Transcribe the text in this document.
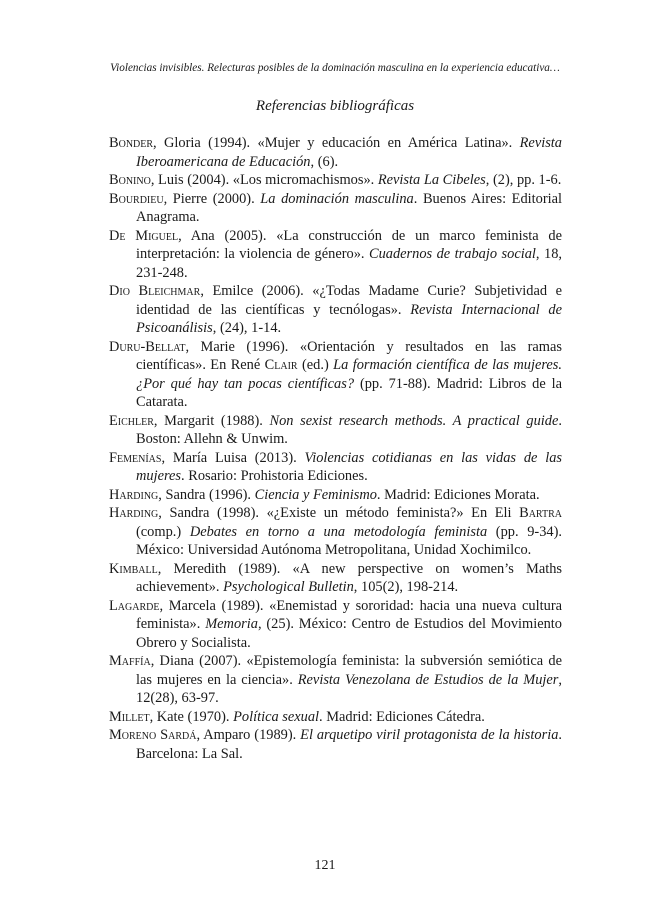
Violencias invisibles. Relecturas posibles de la dominación masculina en la experiencia educativa…
Referencias bibliográficas

Bonder, Gloria (1994). «Mujer y educación en América Latina». Revista Iberoamericana de Educación, (6).

Bonino, Luis (2004). «Los micromachismos». Revista La Cibeles, (2), pp. 1-6.

Bourdieu, Pierre (2000). La dominación masculina. Buenos Aires: Editorial Anagrama.

De Miguel, Ana (2005). «La construcción de un marco feminista de interpretación: la violencia de género». Cuadernos de trabajo social, 18, 231-248.

Dio Bleichmar, Emilce (2006). «¿Todas Madame Curie? Subjetividad e identidad de las científicas y tecnólogas». Revista Internacional de Psicoanálisis, (24), 1-14.

Duru-Bellat, Marie (1996). «Orientación y resultados en las ramas científicas». En René Clair (ed.) La formación científica de las mujeres. ¿Por qué hay tan pocas científicas? (pp. 71-88). Madrid: Libros de la Catarata.

Eichler, Margarit (1988). Non sexist research methods. A practical guide. Boston: Allehn & Unwim.

Femenías, María Luisa (2013). Violencias cotidianas en las vidas de las mujeres. Rosario: Prohistoria Ediciones.

Harding, Sandra (1996). Ciencia y Feminismo. Madrid: Ediciones Morata.

Harding, Sandra (1998). «¿Existe un método feminista?» En Eli Bartra (comp.) Debates en torno a una metodología feminista (pp. 9-34). México: Universidad Autónoma Metropolitana, Unidad Xochimilco.

Kimball, Meredith (1989). «A new perspective on women’s Maths achievement». Psychological Bulletin, 105(2), 198-214.

Lagarde, Marcela (1989). «Enemistad y sororidad: hacia una nueva cultura feminista». Memoria, (25). México: Centro de Estudios del Movimiento Obrero y Socialista.

Maffía, Diana (2007). «Epistemología feminista: la subversión semiótica de las mujeres en la ciencia». Revista Venezolana de Estudios de la Mujer, 12(28), 63-97.

Millet, Kate (1970). Política sexual. Madrid: Ediciones Cátedra.

Moreno Sardá, Amparo (1989). El arquetipo viril protagonista de la historia. Barcelona: La Sal.

121
